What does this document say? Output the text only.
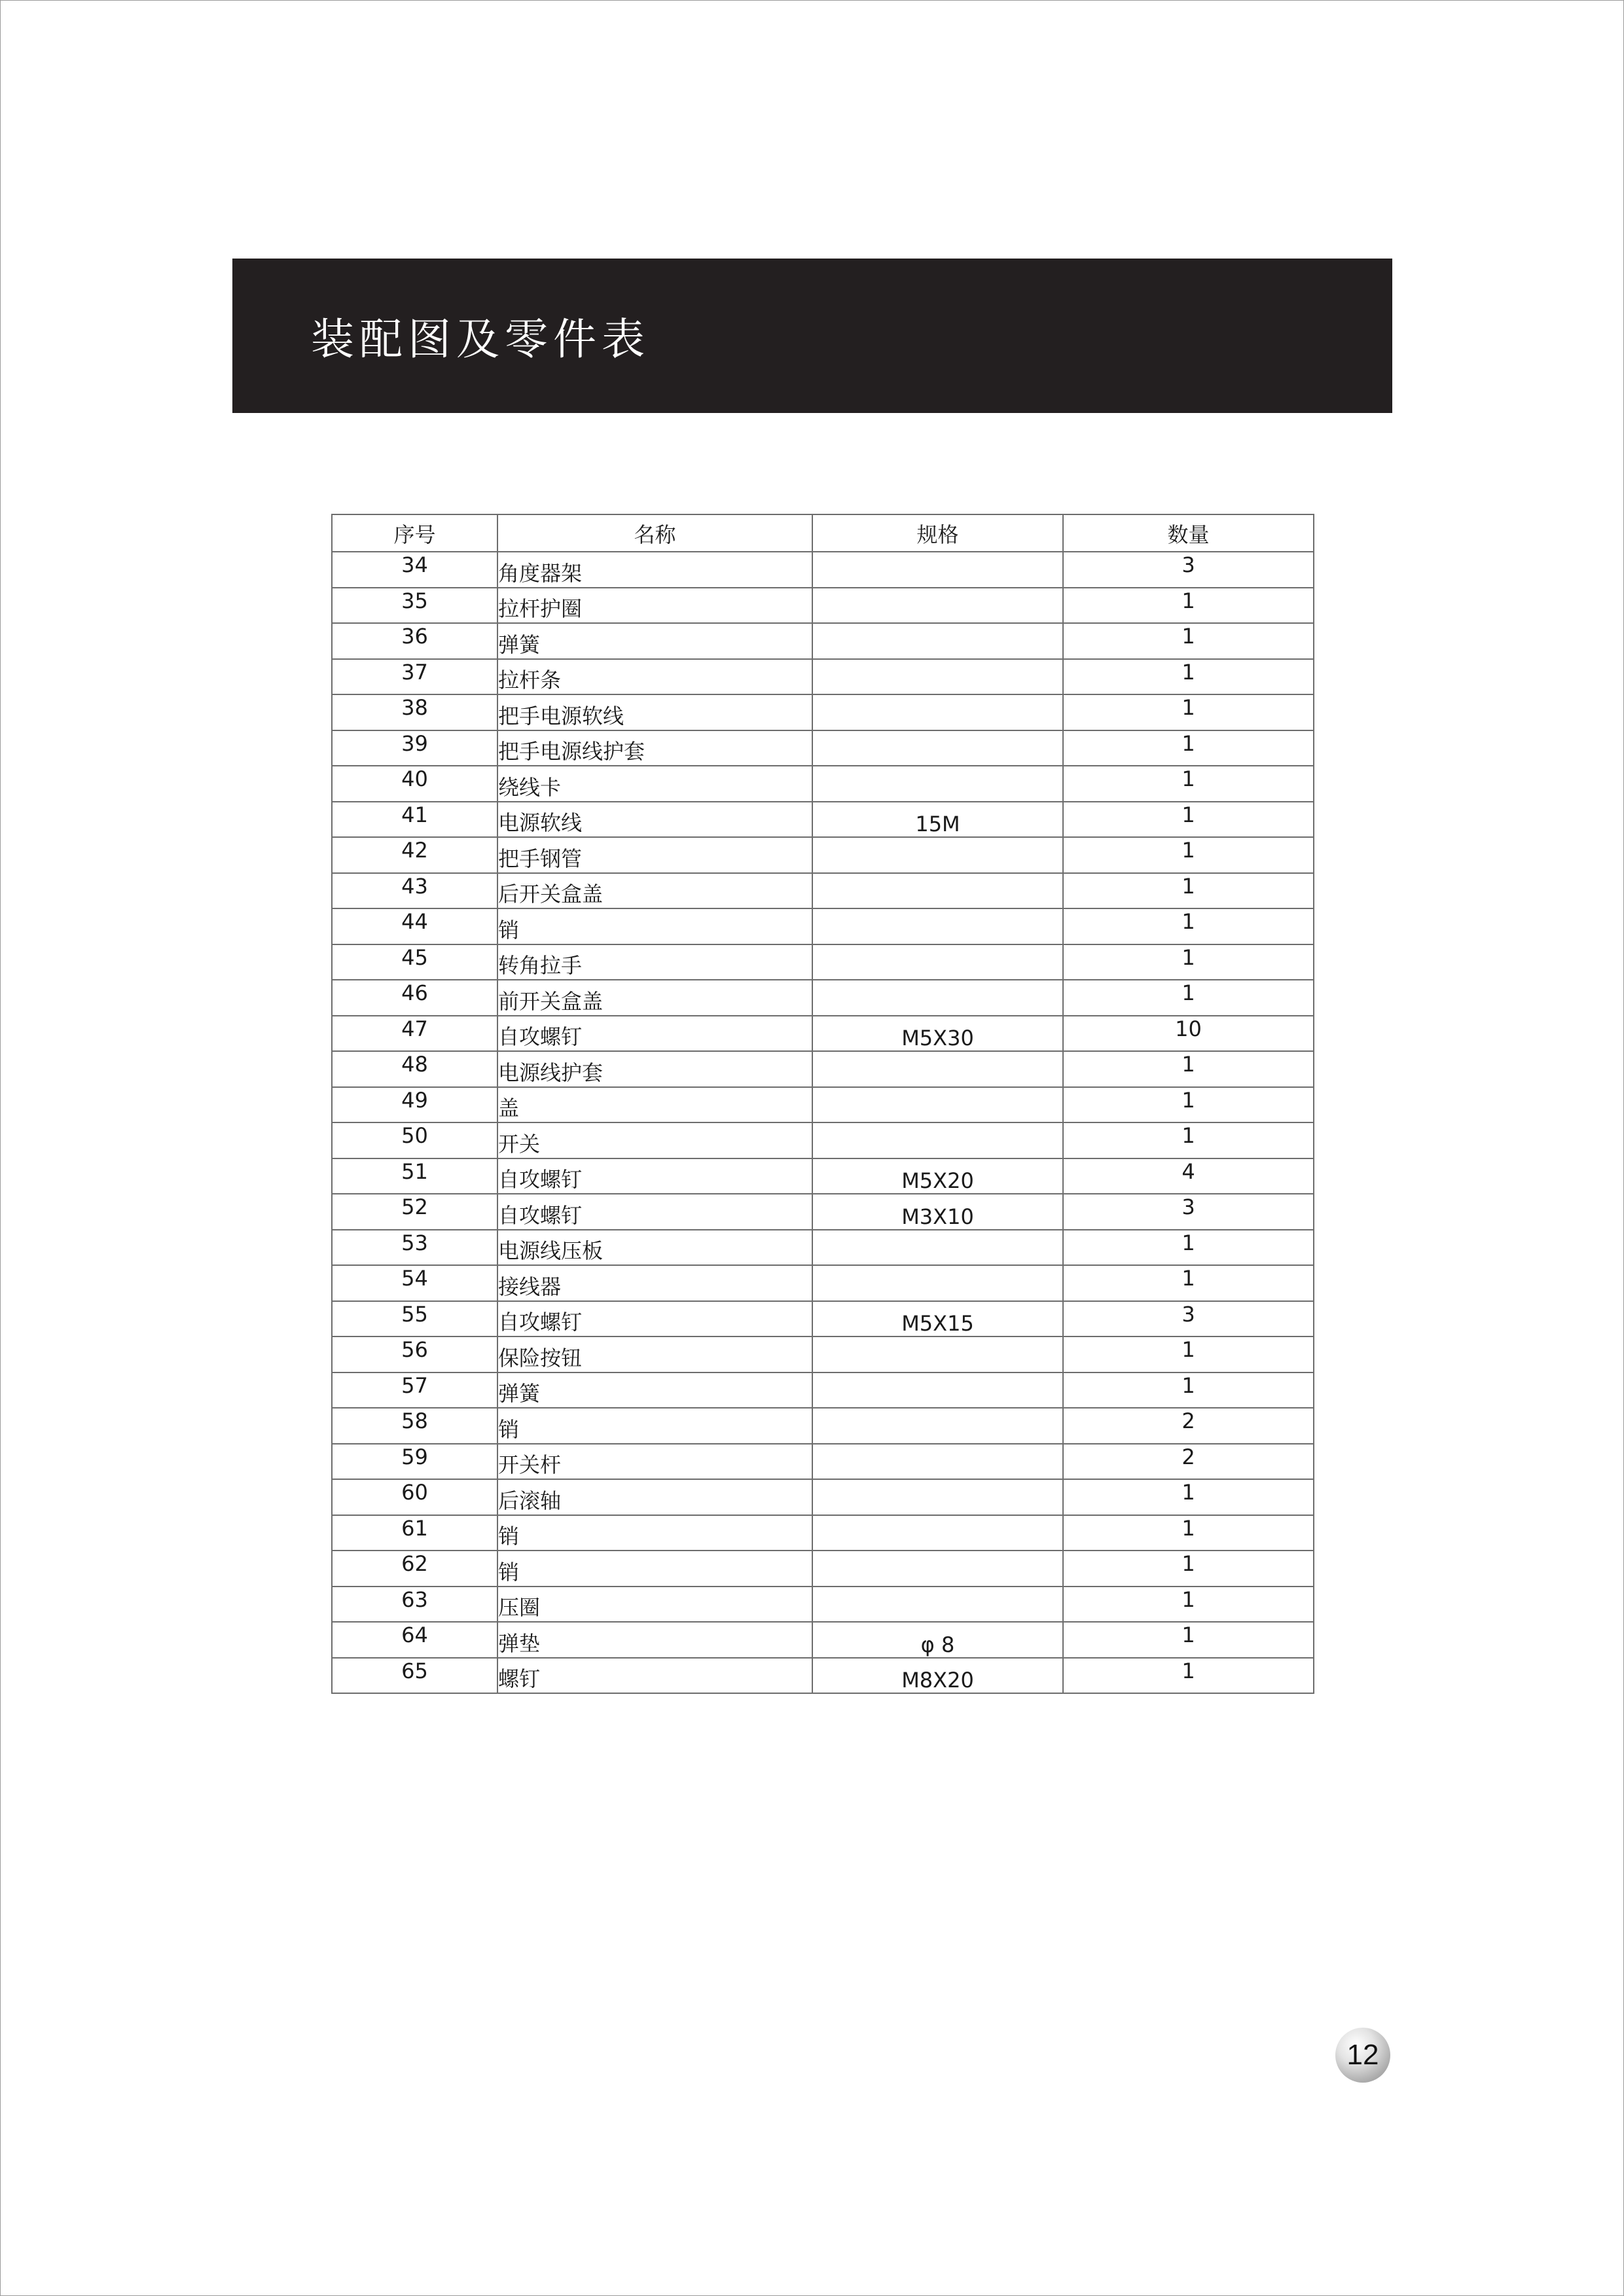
装配图及零件表
序号	名称	规格	数量
34	角度器架		3
35	拉杆护圈		1
36	弹簧		1
37	拉杆条		1
38	把手电源软线		1
39	把手电源线护套		1
40	绕线卡		1
41	电源软线	15M	1
42	把手钢管		1
43	后开关盒盖		1
44	销		1
45	转角拉手		1
46	前开关盒盖		1
47	自攻螺钉	M5X30	10
48	电源线护套		1
49	盖		1
50	开关		1
51	自攻螺钉	M5X20	4
52	自攻螺钉	M3X10	3
53	电源线压板		1
54	接线器		1
55	自攻螺钉	M5X15	3
56	保险按钮		1
57	弹簧		1
58	销		2
59	开关杆		2
60	后滚轴		1
61	销		1
62	销		1
63	压圈		1
64	弹垫	φ 8	1
65	螺钉	M8X20	1
12
